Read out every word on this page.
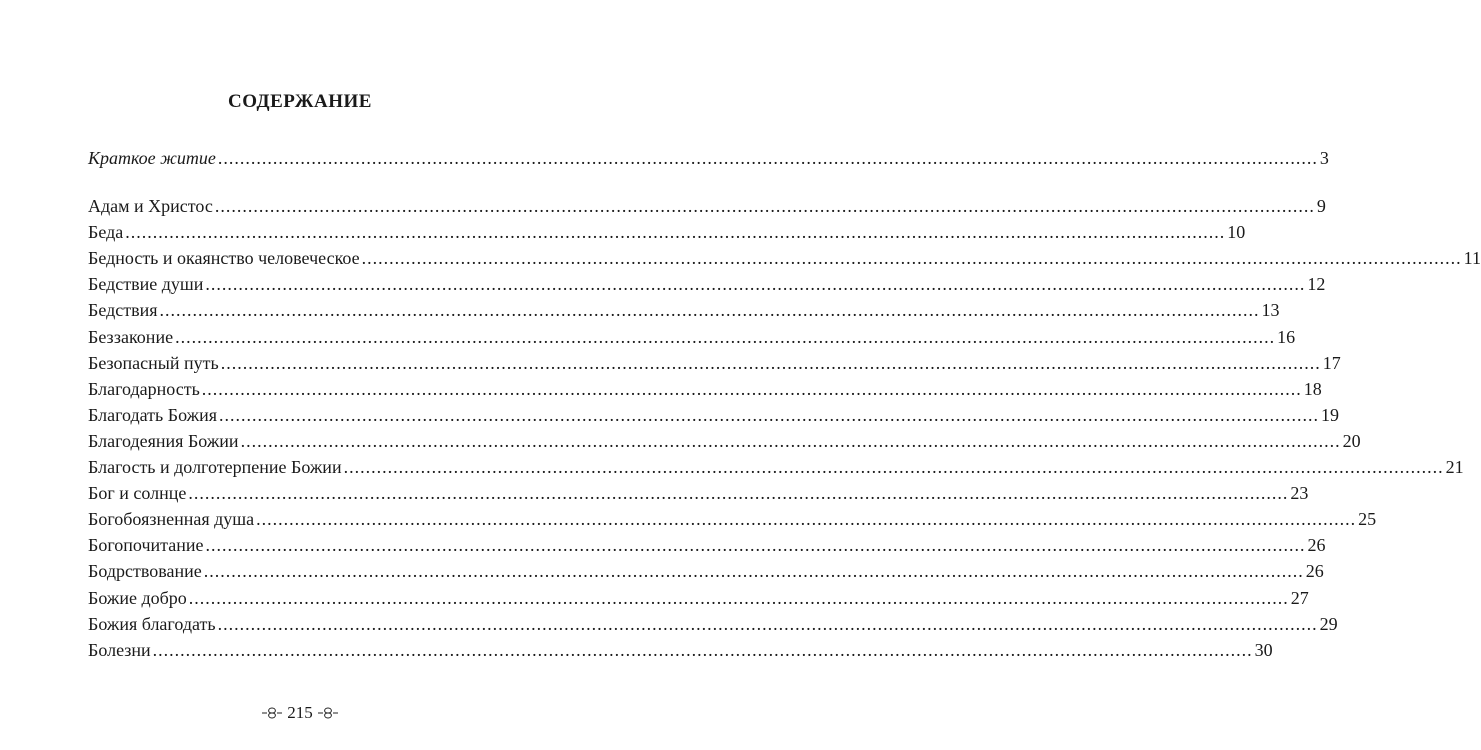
СОДЕРЖАНИЕ
Краткое житие ........................................................................................................................................................................................................ 3
Адам и Христос ........................................................................................................................................................................................................ 9
Беда ........................................................................................................................................................................................................ 10
Бедность и окаянство человеческое ........................................................................................................................................................................................................ 11
Бедствие души ........................................................................................................................................................................................................ 12
Бедствия ........................................................................................................................................................................................................ 13
Беззаконие ........................................................................................................................................................................................................ 16
Безопасный путь ........................................................................................................................................................................................................ 17
Благодарность ........................................................................................................................................................................................................ 18
Благодать Божия ........................................................................................................................................................................................................ 19
Благодеяния Божии ........................................................................................................................................................................................................ 20
Благость и долготерпение Божии ........................................................................................................................................................................................................ 21
Бог и солнце ........................................................................................................................................................................................................ 23
Богобоязненная душа ........................................................................................................................................................................................................ 25
Богопочитание ........................................................................................................................................................................................................ 26
Бодрствование ........................................................................................................................................................................................................ 26
Божие добро ........................................................................................................................................................................................................ 27
Божия благодать ........................................................................................................................................................................................................ 29
Болезни ........................................................................................................................................................................................................ 30
215
